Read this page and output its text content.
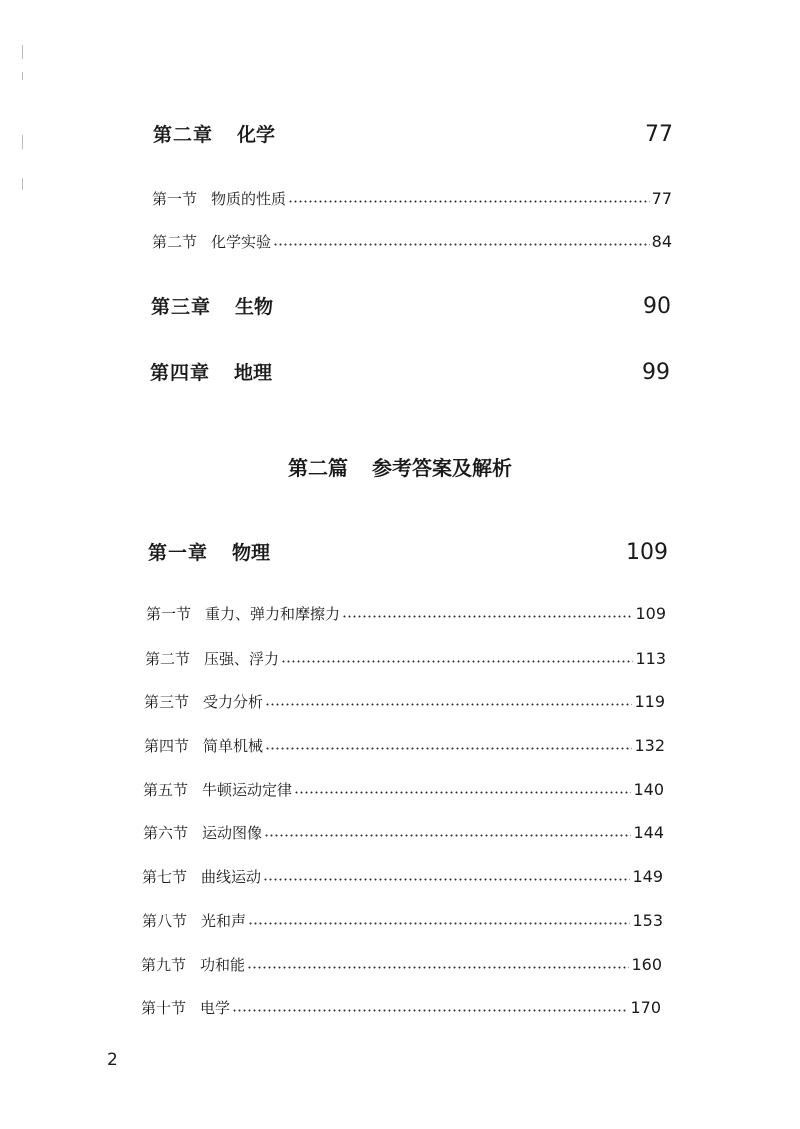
第二章 化学	77
第一节 物质的性质	77
第二节 化学实验	84
第三章 生物	90
第四章 地理	99
第二篇 参考答案及解析
第一章 物理	109
第一节 重力、弹力和摩擦力	109
第二节 压强、浮力	113
第三节 受力分析	119
第四节 简单机械	132
第五节 牛顿运动定律	140
第六节 运动图像	144
第七节 曲线运动	149
第八节 光和声	153
第九节 功和能	160
第十节 电学	170
2
